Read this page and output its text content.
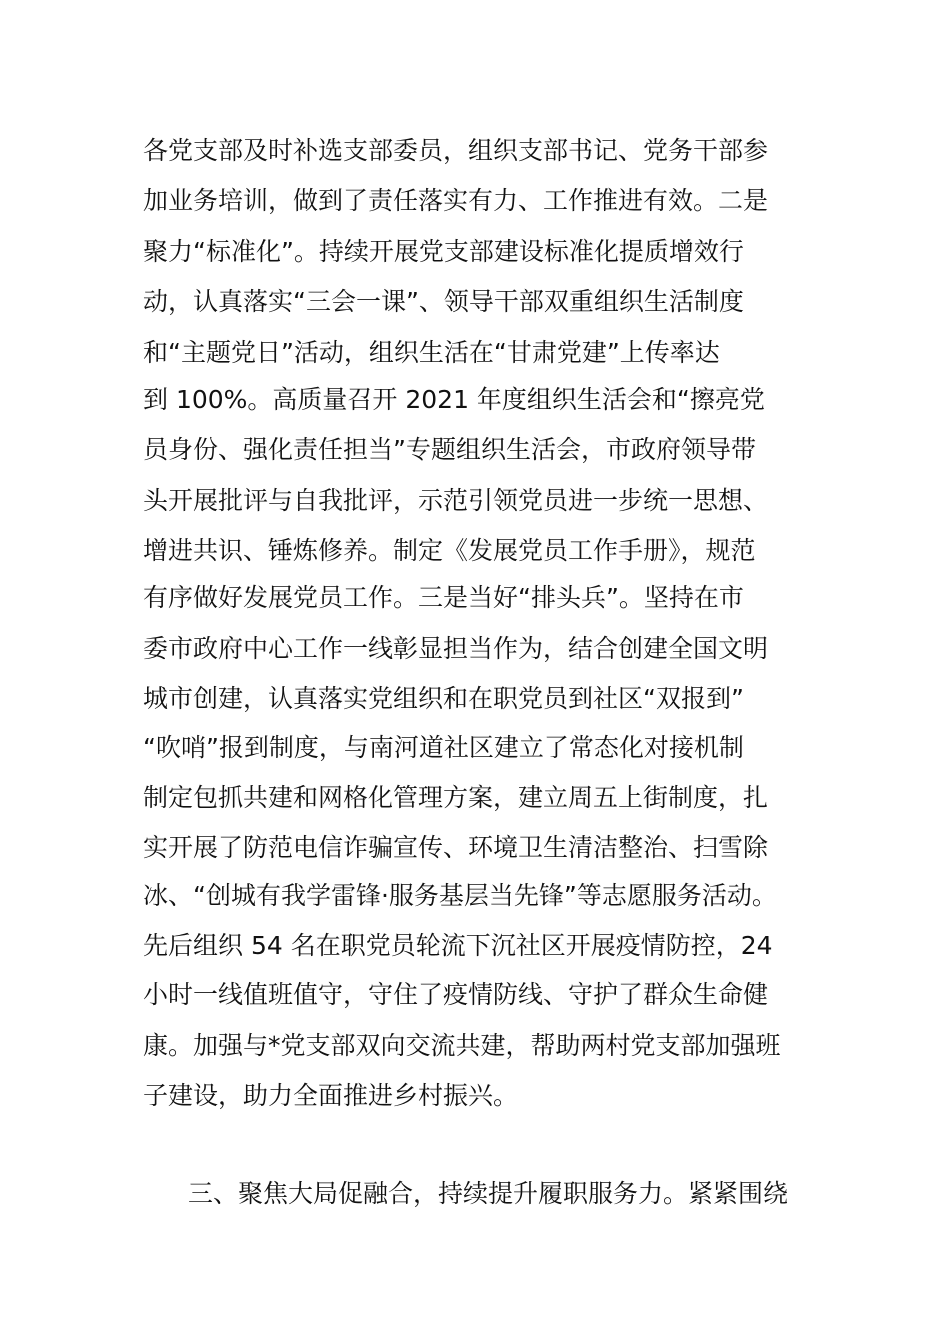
各党支部及时补选支部委员，组织支部书记、党务干部参
加业务培训，做到了责任落实有力、工作推进有效。二是
聚力“标准化”。持续开展党支部建设标准化提质增效行
动，认真落实“三会一课”、领导干部双重组织生活制度
和“主题党日”活动，组织生活在“甘肃党建”上传率达
到 100%。高质量召开 2021 年度组织生活会和“擦亮党
员身份、强化责任担当”专题组织生活会，市政府领导带
头开展批评与自我批评，示范引领党员进一步统一思想、
增进共识、锤炼修养。制定《发展党员工作手册》，规范
有序做好发展党员工作。三是当好“排头兵”。坚持在市
委市政府中心工作一线彰显担当作为，结合创建全国文明
城市创建，认真落实党组织和在职党员到社区“双报到”
“吹哨”报到制度，与南河道社区建立了常态化对接机制
制定包抓共建和网格化管理方案，建立周五上街制度，扎
实开展了防范电信诈骗宣传、环境卫生清洁整治、扫雪除
冰、“创城有我学雷锋·服务基层当先锋”等志愿服务活动。
先后组织 54 名在职党员轮流下沉社区开展疫情防控，24
小时一线值班值守，守住了疫情防线、守护了群众生命健
康。加强与*党支部双向交流共建，帮助两村党支部加强班
子建设，助力全面推进乡村振兴。
三、聚焦大局促融合，持续提升履职服务力。紧紧围绕
